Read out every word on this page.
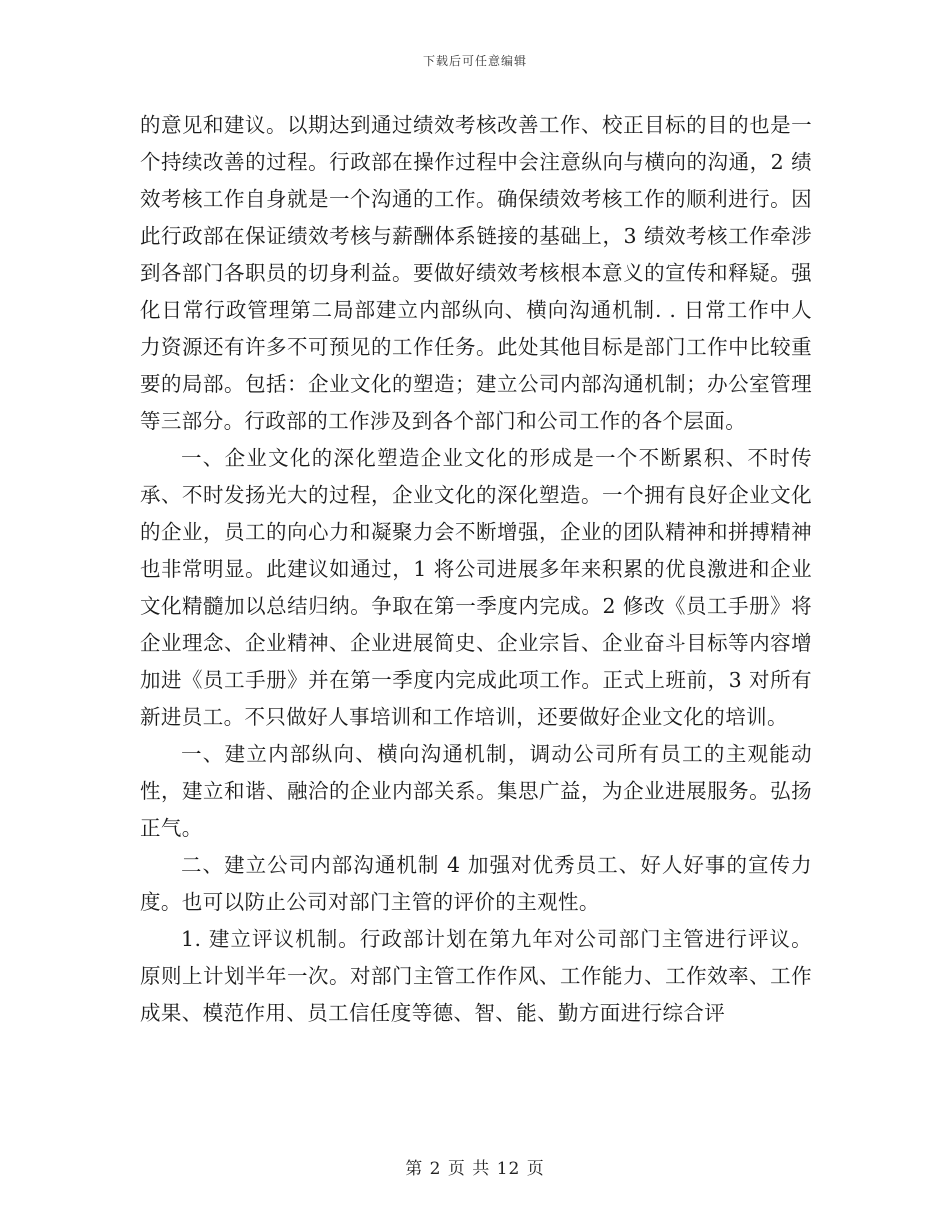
下载后可任意编辑

的意见和建议。以期达到通过绩效考核改善工作、校正目标的目的也是一个持续改善的过程。行政部在操作过程中会注意纵向与横向的沟通，2 绩效考核工作自身就是一个沟通的工作。确保绩效考核工作的顺利进行。因此行政部在保证绩效考核与薪酬体系链接的基础上，3 绩效考核工作牵涉到各部门各职员的切身利益。要做好绩效考核根本意义的宣传和释疑。强化日常行政管理第二局部建立内部纵向、横向沟通机制. . 日常工作中人力资源还有许多不可预见的工作任务。此处其他目标是部门工作中比较重要的局部。包括：企业文化的塑造；建立公司内部沟通机制；办公室管理等三部分。行政部的工作涉及到各个部门和公司工作的各个层面。

一、企业文化的深化塑造企业文化的形成是一个不断累积、不时传承、不时发扬光大的过程，企业文化的深化塑造。一个拥有良好企业文化的企业，员工的向心力和凝聚力会不断增强，企业的团队精神和拼搏精神也非常明显。此建议如通过，1 将公司进展多年来积累的优良激进和企业文化精髓加以总结归纳。争取在第一季度内完成。2 修改《员工手册》将企业理念、企业精神、企业进展简史、企业宗旨、企业奋斗目标等内容增加进《员工手册》并在第一季度内完成此项工作。正式上班前，3 对所有新进员工。不只做好人事培训和工作培训，还要做好企业文化的培训。

一、建立内部纵向、横向沟通机制，调动公司所有员工的主观能动性，建立和谐、融洽的企业内部关系。集思广益，为企业进展服务。弘扬正气。

二、建立公司内部沟通机制 4 加强对优秀员工、好人好事的宣传力度。也可以防止公司对部门主管的评价的主观性。

1. 建立评议机制。行政部计划在第九年对公司部门主管进行评议。原则上计划半年一次。对部门主管工作作风、工作能力、工作效率、工作成果、模范作用、员工信任度等德、智、能、勤方面进行综合评

第 2 页 共 12 页
